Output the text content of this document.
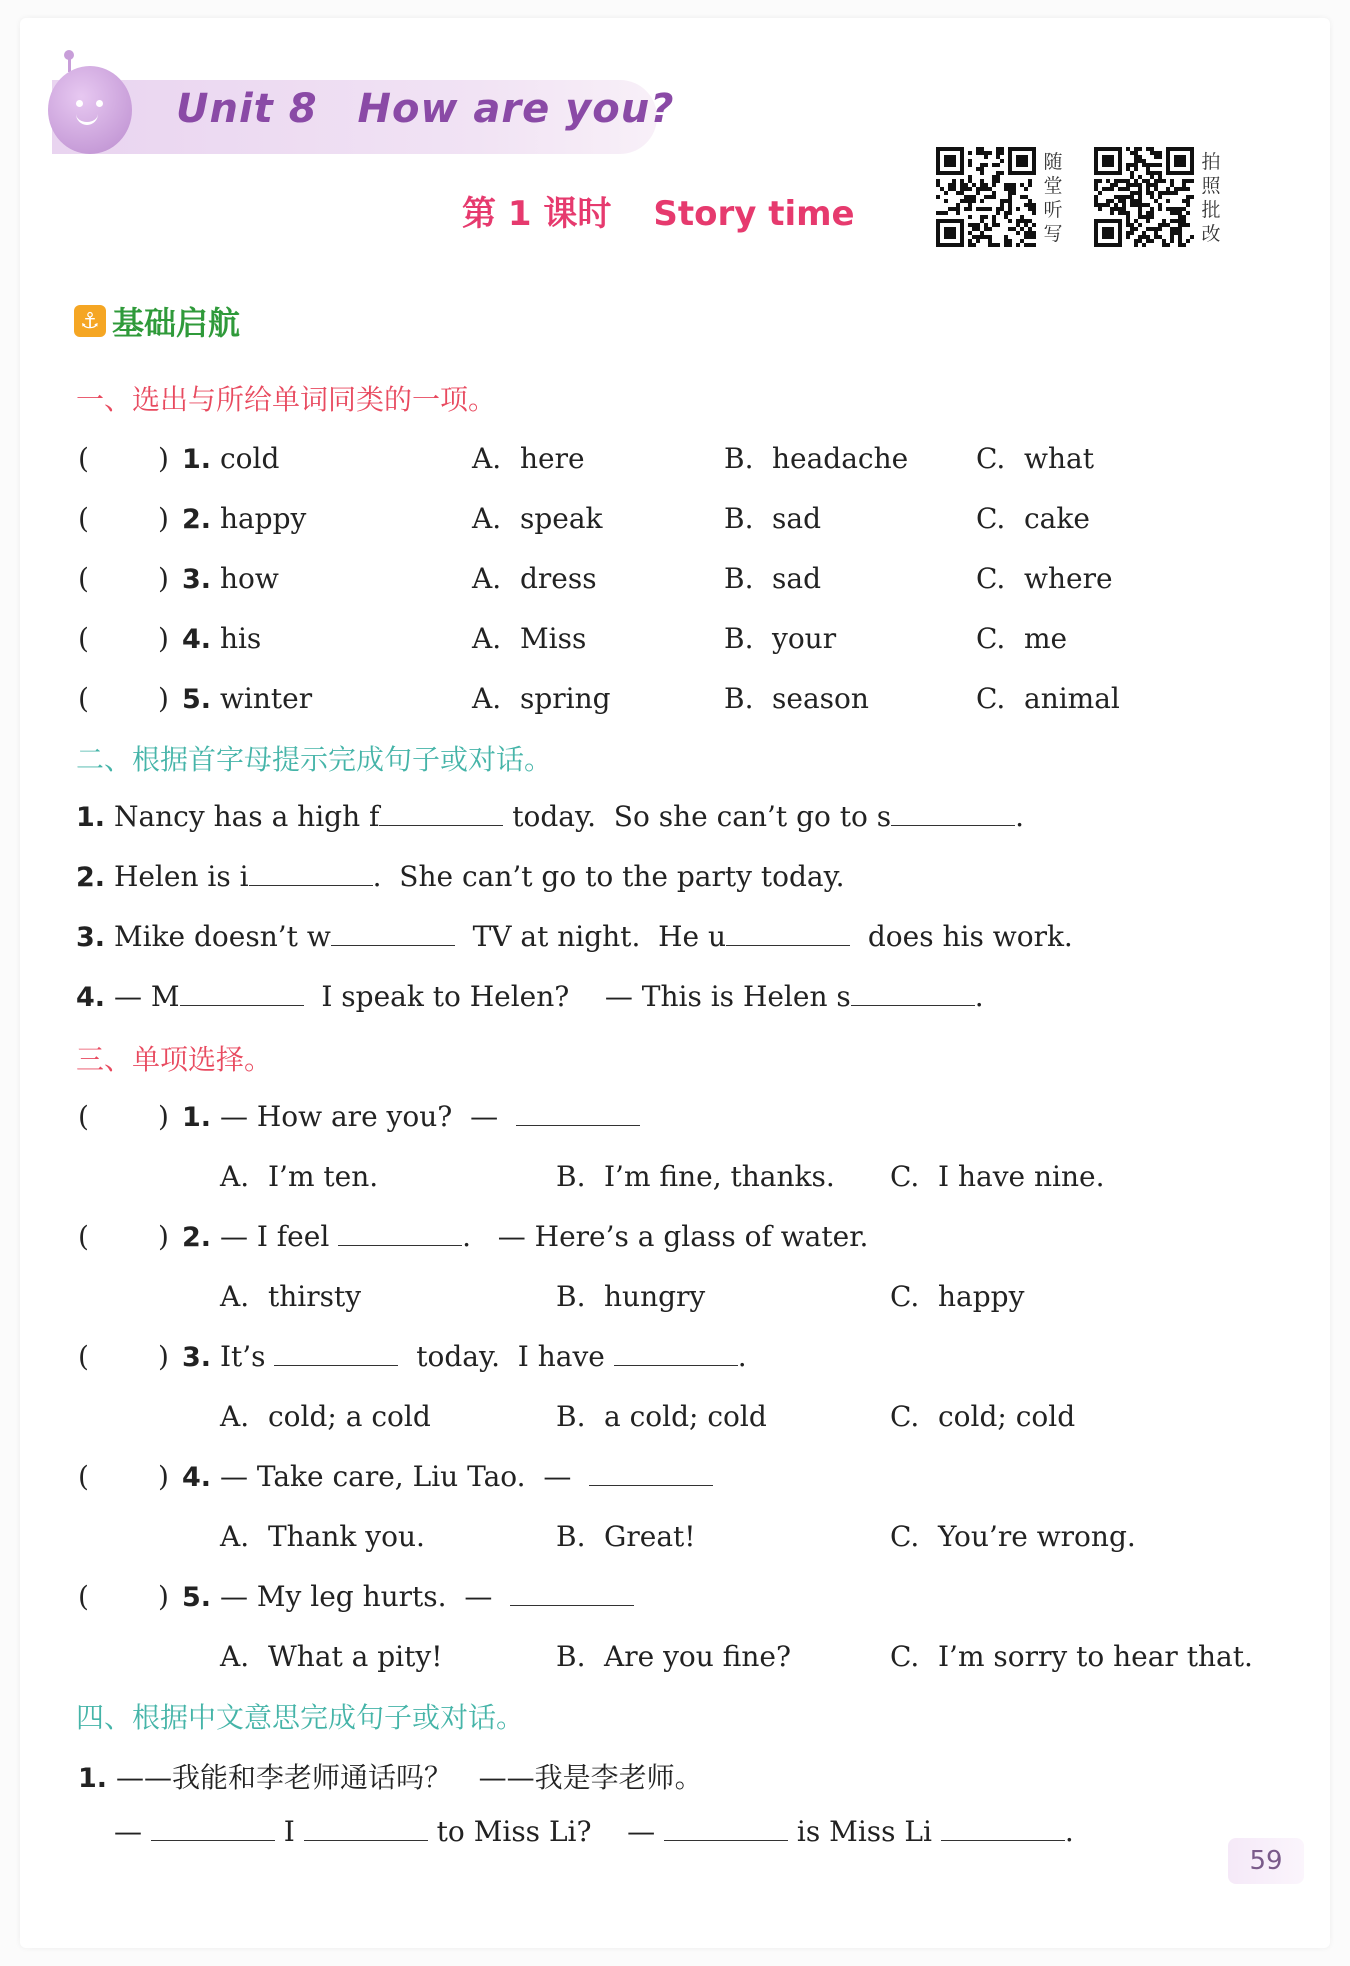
Unit 8 How are you?
第 1 课时 Story time
随堂听写
拍照批改
⚓ 基础启航
一、选出与所给单词同类的一项。
( ) 1. cold	A. here	B. headache C. what
( ) 2. happy	A. speak	B. sad	C. cake
( ) 3. how	A. dress	B. sad	C. where
( ) 4. his	A. Miss	B. your	C. me
( ) 5. winter	A. spring	B. season	C. animal
二、根据首字母提示完成句子或对话。
1. Nancy has a high f	today.  So she can’t go to s	.
2. Helen is i	.  She can’t go to the party today.
3. Mike doesn’t w	TV at night.  He u	does his work.
4. — M	I speak to Helen?    — This is Helen s	.
三、单项选择。
( ) 1. — How are you?  —
A. I’m ten.	B. I’m fine, thanks. C. I have nine.
( ) 2. — I feel	.   — Here’s a glass of water.
A. thirsty	B. hungry	C. happy
( ) 3. It’s	today.  I have	.
A. cold; a cold	B. a cold; cold	C. cold; cold
( ) 4. — Take care, Liu Tao.  —
A. Thank you.	B. Great!	C. You’re wrong.
( ) 5. — My leg hurts.  —
A. What a pity!	B. Are you fine?	C. I’m sorry to hear that.
四、根据中文意思完成句子或对话。
1. ——我能和李老师通话吗？   ——我是李老师。
—	I	to Miss Li?    —	is Miss Li	.
59
